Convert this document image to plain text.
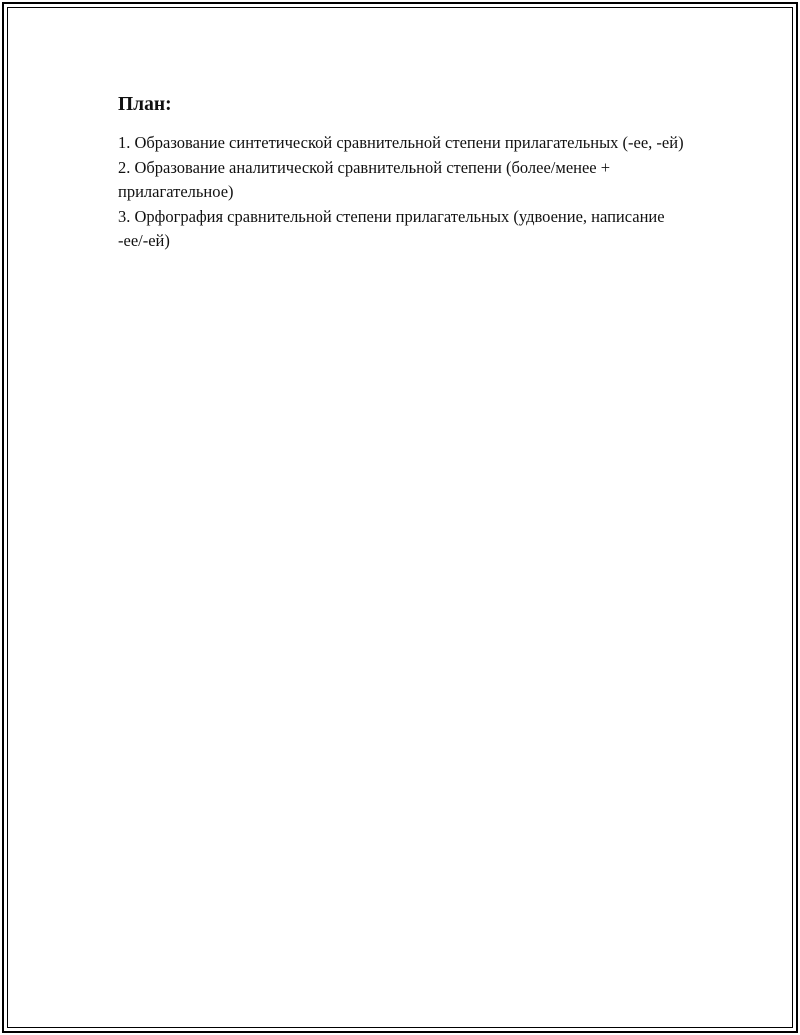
План:
1. Образование синтетической сравнительной степени прилагательных (-ее, -ей)
2. Образование аналитической сравнительной степени (более/менее + прилагательное)
3. Орфография сравнительной степени прилагательных (удвоение, написание -ее/-ей)
